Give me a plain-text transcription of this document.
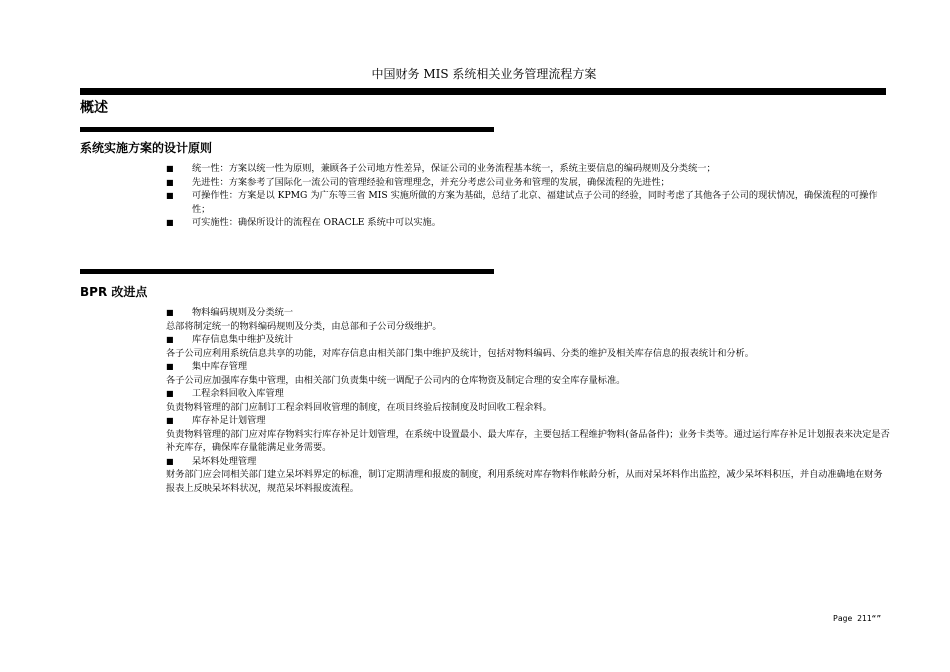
中国财务 MIS 系统相关业务管理流程方案
概述
系统实施方案的设计原则
■	统一性：方案以统一性为原则，兼顾各子公司地方性差异，保证公司的业务流程基本统一，系统主要信息的编码规则及分类统一；
■	先进性：方案参考了国际化一流公司的管理经验和管理理念，并充分考虑公司业务和管理的发展，确保流程的先进性；
■	可操作性：方案是以 KPMG 为广东等三省 MIS 实施所做的方案为基础，总结了北京、福建试点子公司的经验，同时考虑了其他各子公司的现状情况，确保流程的可操作性；
■	可实施性：确保所设计的流程在 ORACLE 系统中可以实施。
BPR 改进点
■	物料编码规则及分类统一

总部将制定统一的物料编码规则及分类，由总部和子公司分级维护。

■	库存信息集中维护及统计

各子公司应利用系统信息共享的功能，对库存信息由相关部门集中维护及统计，包括对物料编码、分类的维护及相关库存信息的报表统计和分析。

■	集中库存管理

各子公司应加强库存集中管理，由相关部门负责集中统一调配子公司内的仓库物资及制定合理的安全库存量标准。

■	工程余料回收入库管理

负责物料管理的部门应制订工程余料回收管理的制度，在项目终验后按制度及时回收工程余料。

■	库存补足计划管理

负责物料管理的部门应对库存物料实行库存补足计划管理，在系统中设置最小、最大库存，主要包括工程维护物料(备品备件)；业务卡类等。通过运行库存补足计划报表来决定是否补充库存，确保库存量能满足业务需要。

■	呆坏料处理管理

财务部门应会同相关部门建立呆坏料界定的标准，制订定期清理和报废的制度，利用系统对库存物料作帐龄分析，从而对呆坏料作出监控，减少呆坏料积压，并自动准确地在财务报表上反映呆坏料状况，规范呆坏料报废流程。

Page 211“”
